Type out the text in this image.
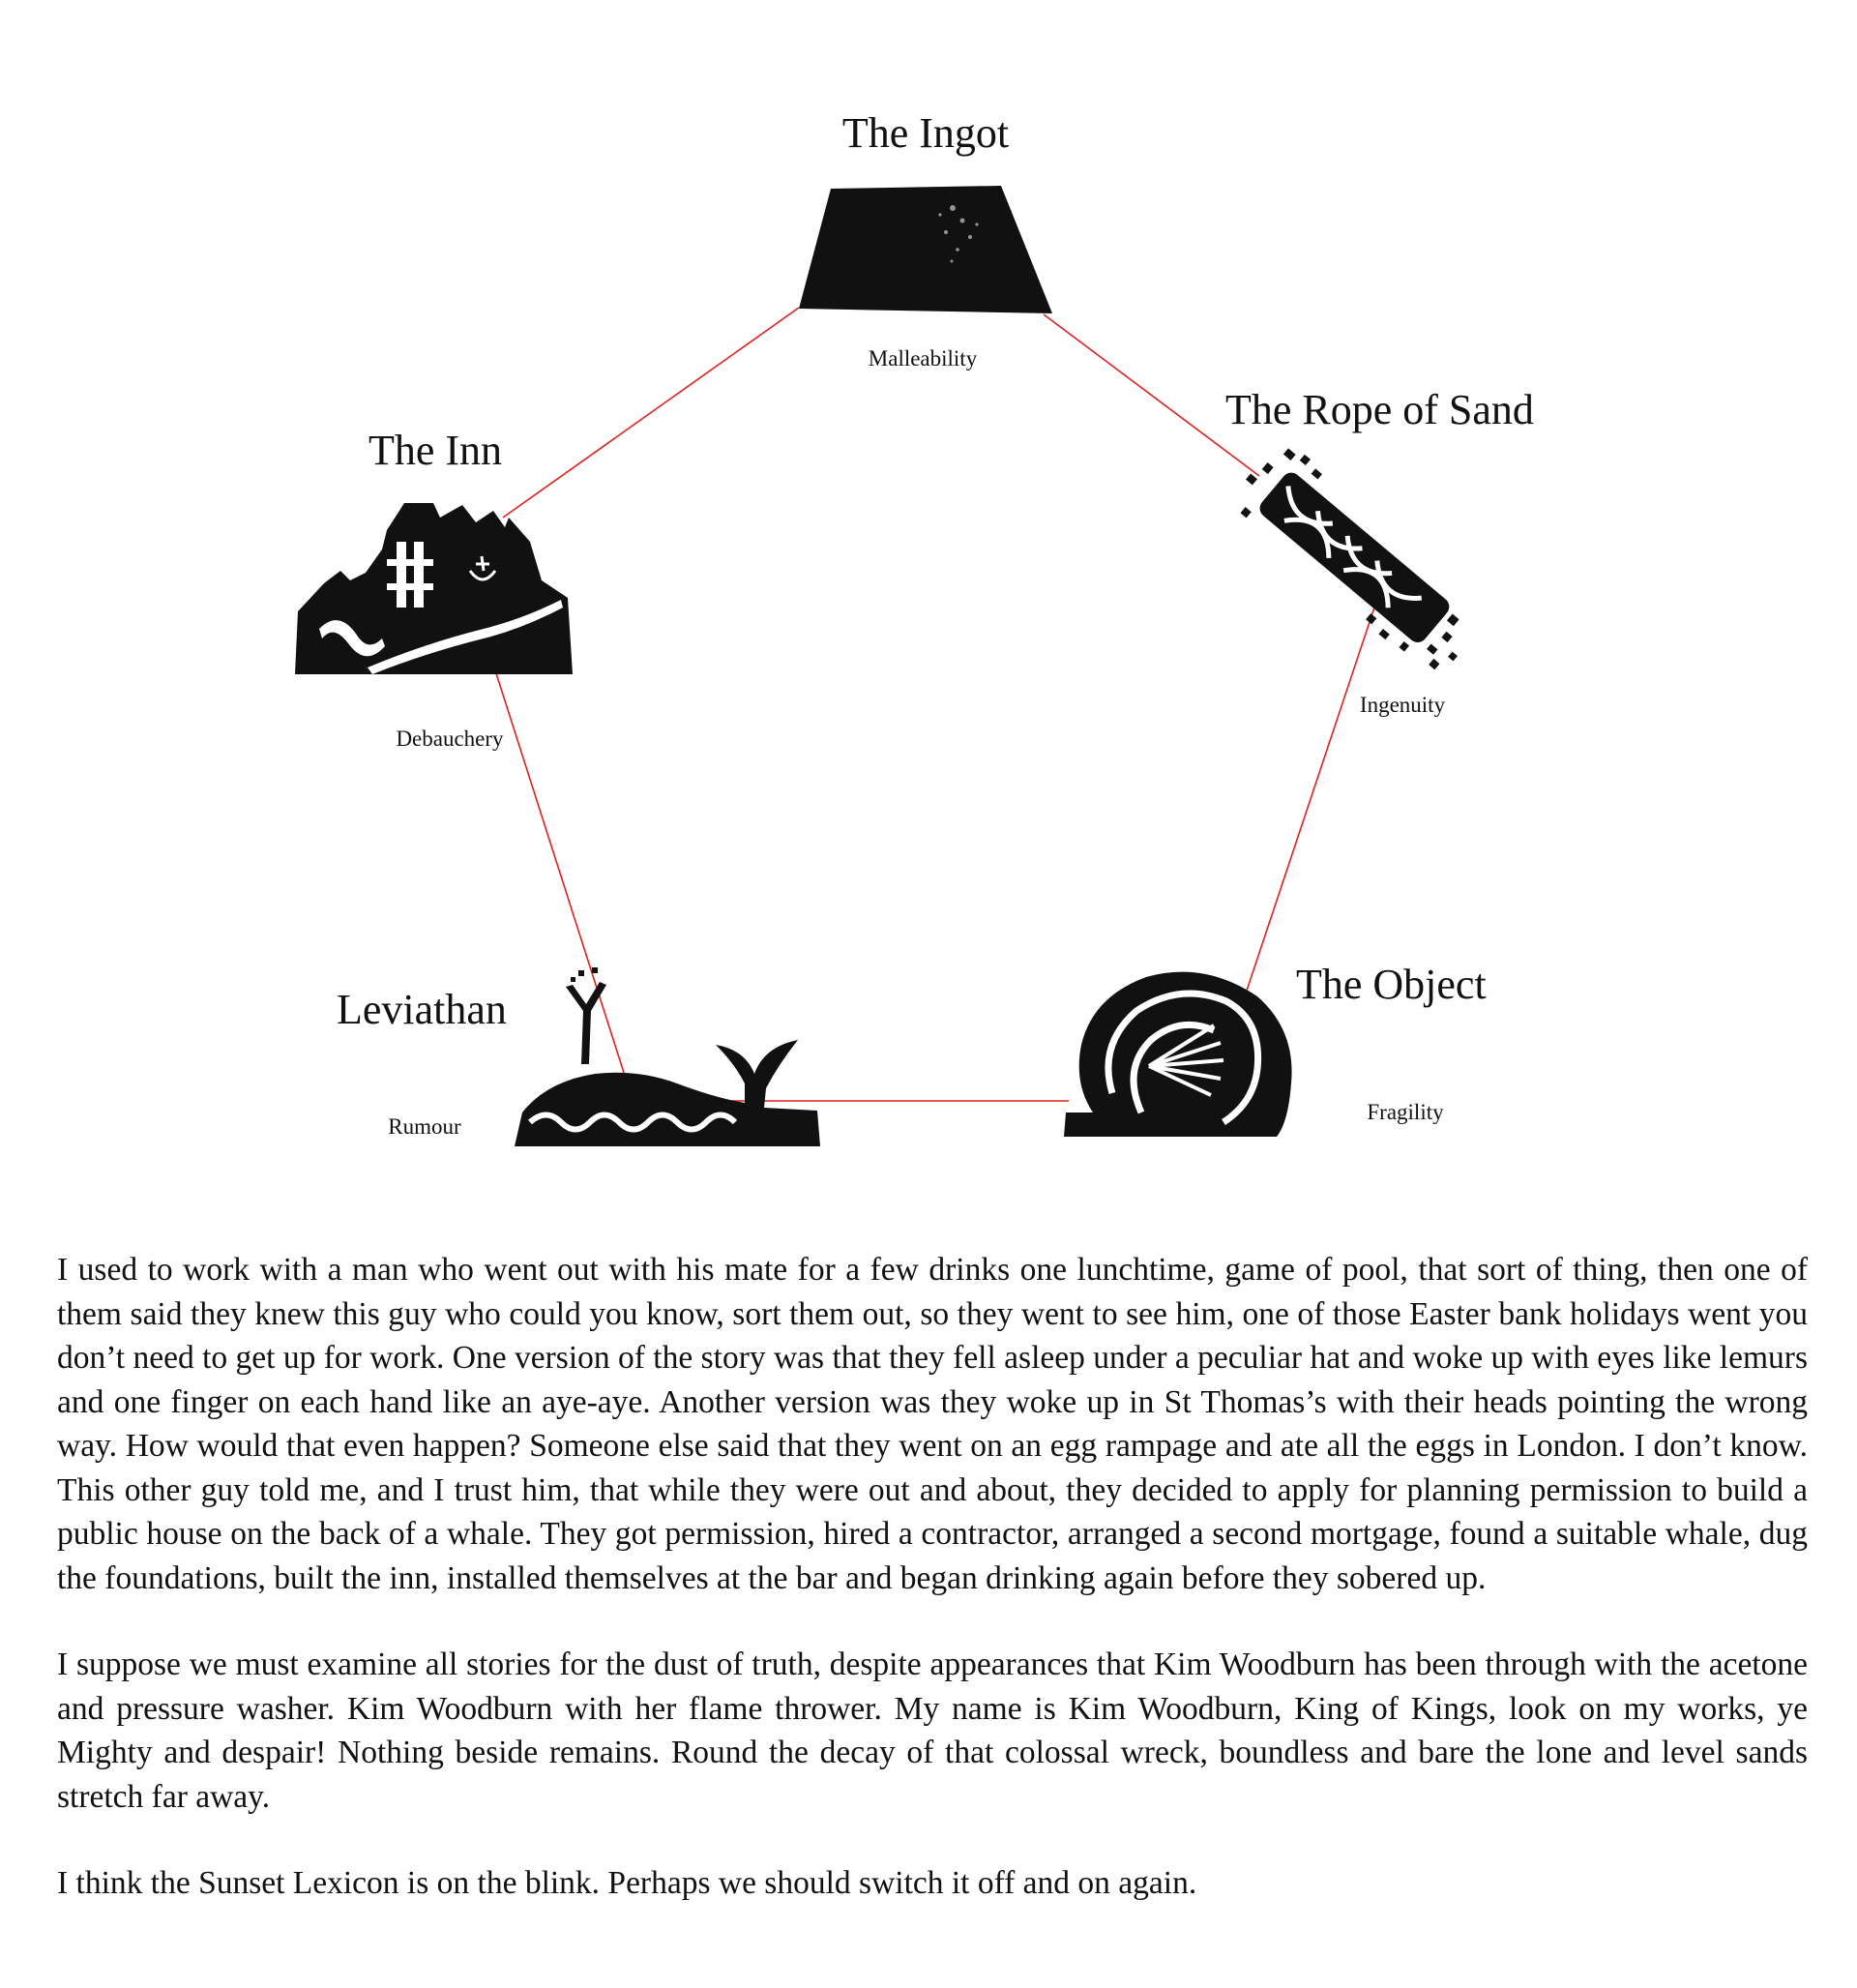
The Ingot
Malleability
The Rope of Sand
Ingenuity
The Object
Fragility
Leviathan
Rumour
The Inn
Debauchery

I used to work with a man who went out with his mate for a few drinks one lunchtime, game of pool, that sort of thing, then one of them said they knew this guy who could you know, sort them out, so they went to see him, one of those Easter bank holidays went you don’t need to get up for work. One version of the story was that they fell asleep under a peculiar hat and woke up with eyes like lemurs and one finger on each hand like an aye-aye. Another version was they woke up in St Thomas’s with their heads pointing the wrong way. How would that even happen? Someone else said that they went on an egg rampage and ate all the eggs in London. I don’t know. This other guy told me, and I trust him, that while they were out and about, they decided to apply for planning permission to build a public house on the back of a whale. They got permission, hired a contractor, arranged a second mortgage, found a suitable whale, dug the foundations, built the inn, installed themselves at the bar and began drinking again before they sobered up.

I suppose we must examine all stories for the dust of truth, despite appearances that Kim Woodburn has been through with the acetone and pressure washer. Kim Woodburn with her flame thrower. My name is Kim Woodburn, King of Kings, look on my works, ye Mighty and despair! Nothing beside remains. Round the decay of that colossal wreck, boundless and bare the lone and level sands stretch far away.

I think the Sunset Lexicon is on the blink. Perhaps we should switch it off and on again.
